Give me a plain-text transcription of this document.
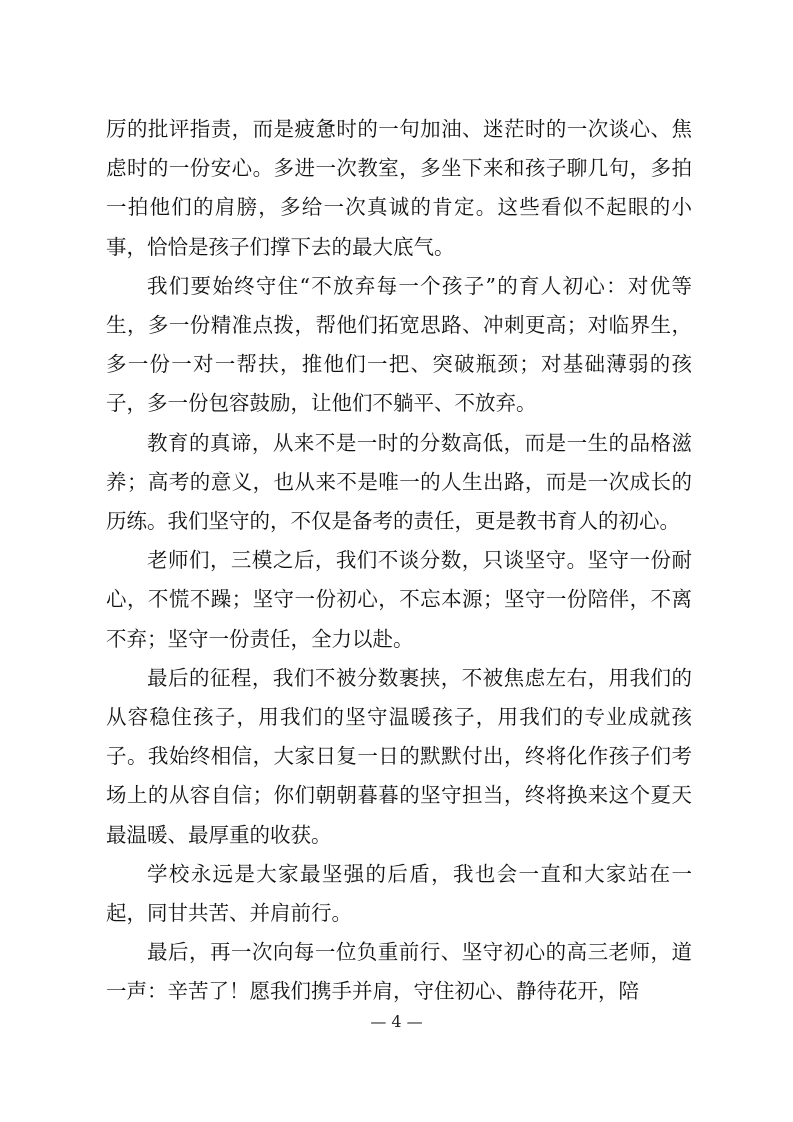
厉的批评指责，而是疲惫时的一句加油、迷茫时的一次谈心、焦虑时的一份安心。多进一次教室，多坐下来和孩子聊几句，多拍一拍他们的肩膀，多给一次真诚的肯定。这些看似不起眼的小事，恰恰是孩子们撑下去的最大底气。

我们要始终守住“不放弃每一个孩子”的育人初心：对优等生，多一份精准点拨，帮他们拓宽思路、冲刺更高；对临界生，多一份一对一帮扶，推他们一把、突破瓶颈；对基础薄弱的孩子，多一份包容鼓励，让他们不躺平、不放弃。

教育的真谛，从来不是一时的分数高低，而是一生的品格滋养；高考的意义，也从来不是唯一的人生出路，而是一次成长的历练。我们坚守的，不仅是备考的责任，更是教书育人的初心。

老师们，三模之后，我们不谈分数，只谈坚守。坚守一份耐心，不慌不躁；坚守一份初心，不忘本源；坚守一份陪伴，不离不弃；坚守一份责任，全力以赴。

最后的征程，我们不被分数裹挟，不被焦虑左右，用我们的从容稳住孩子，用我们的坚守温暖孩子，用我们的专业成就孩子。我始终相信，大家日复一日的默默付出，终将化作孩子们考场上的从容自信；你们朝朝暮暮的坚守担当，终将换来这个夏天最温暖、最厚重的收获。

学校永远是大家最坚强的后盾，我也会一直和大家站在一起，同甘共苦、并肩前行。

最后，再一次向每一位负重前行、坚守初心的高三老师，道一声：辛苦了！愿我们携手并肩，守住初心、静待花开，陪

— 4 —
